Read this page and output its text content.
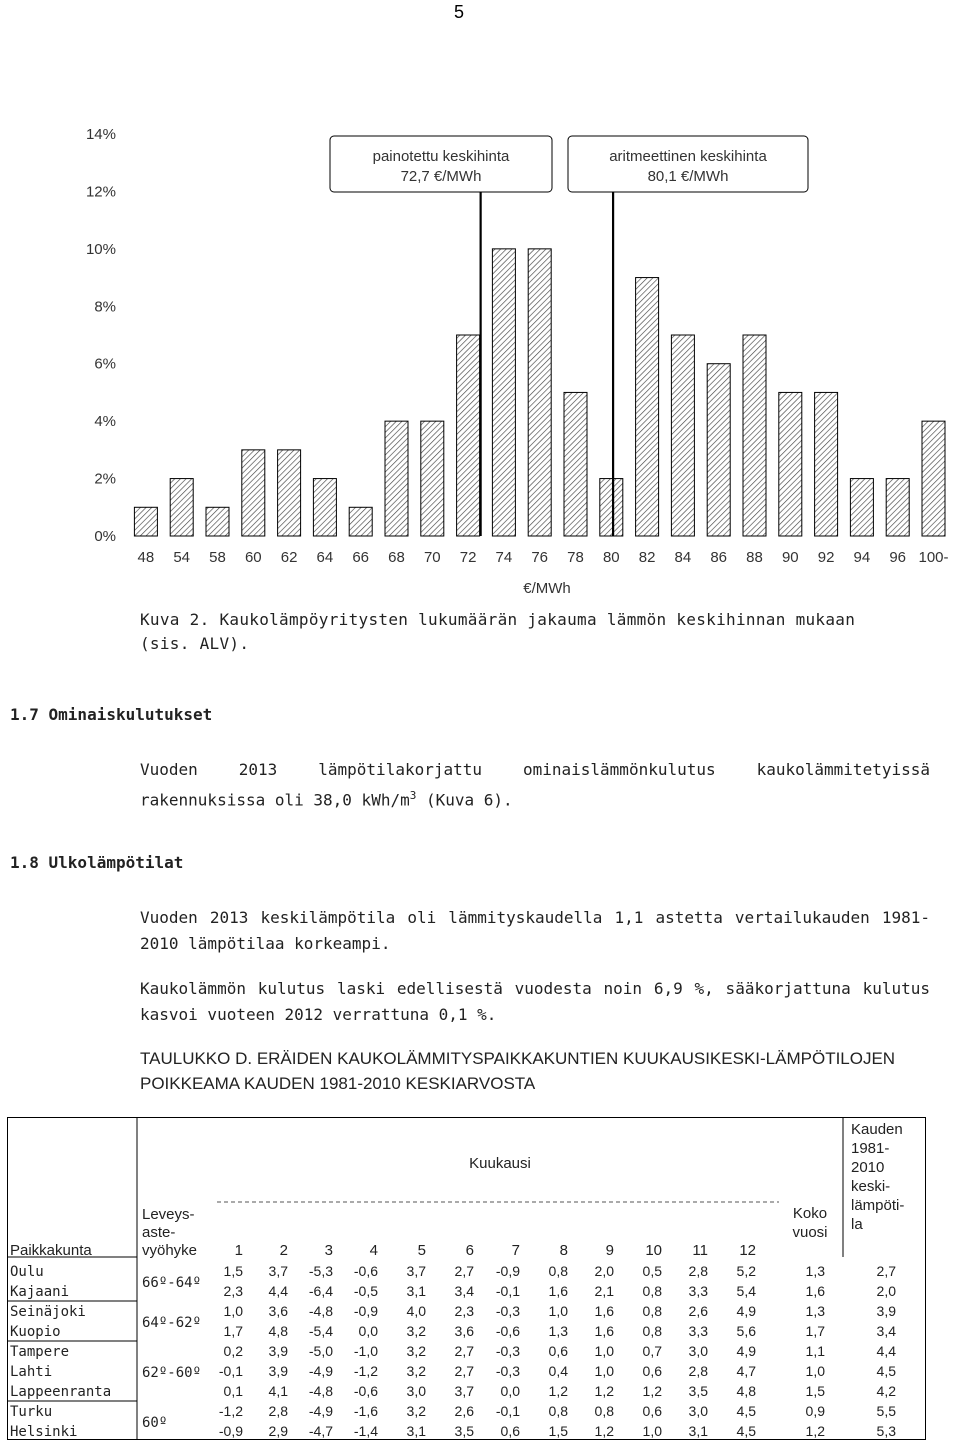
5
0%
2%
4%
6%
8%
10%
12%
14%
48 54 58 60 62 64 66 68 70 72 74 76 78 80 82 84 86 88 90 92 94 96 100-
€/MWh
painotettu keskihinta
72,7 €/MWh
aritmeettinen keskihinta
80,1 €/MWh
Kuva 2. Kaukolämpöyritysten lukumäärän jakauma lämmön keskihinnan mukaan (sis. ALV).
1.7 Ominaiskulutukset
Vuoden 2013 lämpötilakorjattu ominaislämmönkulutus kaukolämmitetyissä rakennuksissa oli 38,0 kWh/$m^3$ (Kuva 6).
1.8 Ulkolämpötilat
Vuoden 2013 keskilämpötila oli lämmityskaudella 1,1 astetta vertailukauden 1981-2010 lämpötilaa korkeampi.
Kaukolämmön kulutus laski edellisestä vuodesta noin 6,9 %, sääkorjattuna kulutus kasvoi vuoteen 2012 verrattuna 0,1 %.
TAULUKKO D. ERÄIDEN KAUKOLÄMMITYSPAIKKAKUNTIEN KUUKAUSIKESKI-LÄMPÖTILOJEN POIKKEAMA KAUDEN 1981-2010 KESKIARVOSTA
Kuukausi
Paikkakunta
Leveys-
aste-
vyöhyke
Koko
vuosi
Kauden
1981-
2010
keski-
lämpöti-
la
1 2 3 4	5	6	7	8	9 10 11 12
66º-64º
Oulu	1,5 3,7 -5,3 -0,6 3,7 2,7 -0,9 0,8 2,0 0,5 2,8 5,2	1,3	2,7
Kajaani	2,3 4,4 -6,4 -0,5 3,1 3,4 -0,1 1,6 2,1 0,8 3,3 5,4	1,6	2,0
64º-62º
Seinäjoki	1,0 3,6 -4,8 -0,9 4,0 2,3 -0,3 1,0 1,6 0,8 2,6 4,9	1,3	3,9
Kuopio	1,7 4,8 -5,4 0,0 3,2 3,6 -0,6 1,3 1,6 0,8 3,3 5,6	1,7	3,4
62º-60º
Tampere	0,2 3,9 -5,0 -1,0 3,2 2,7 -0,3 0,6 1,0 0,7 3,0 4,9	1,1	4,4
Lahti	-0,1 3,9 -4,9 -1,2 3,2 2,7 -0,3 0,4 1,0 0,6 2,8 4,7	1,0	4,5
Lappeenranta	0,1 4,1 -4,8 -0,6 3,0 3,7 0,0 1,2 1,2 1,2 3,5 4,8	1,5	4,2
60º
Turku	-1,2 2,8 -4,9 -1,6 3,2 2,6 -0,1 0,8 0,8 0,6 3,0 4,5	0,9	5,5
Helsinki	-0,9 2,9 -4,7 -1,4 3,1 3,5 0,6 1,5 1,2 1,0 3,1 4,5	1,2	5,3
